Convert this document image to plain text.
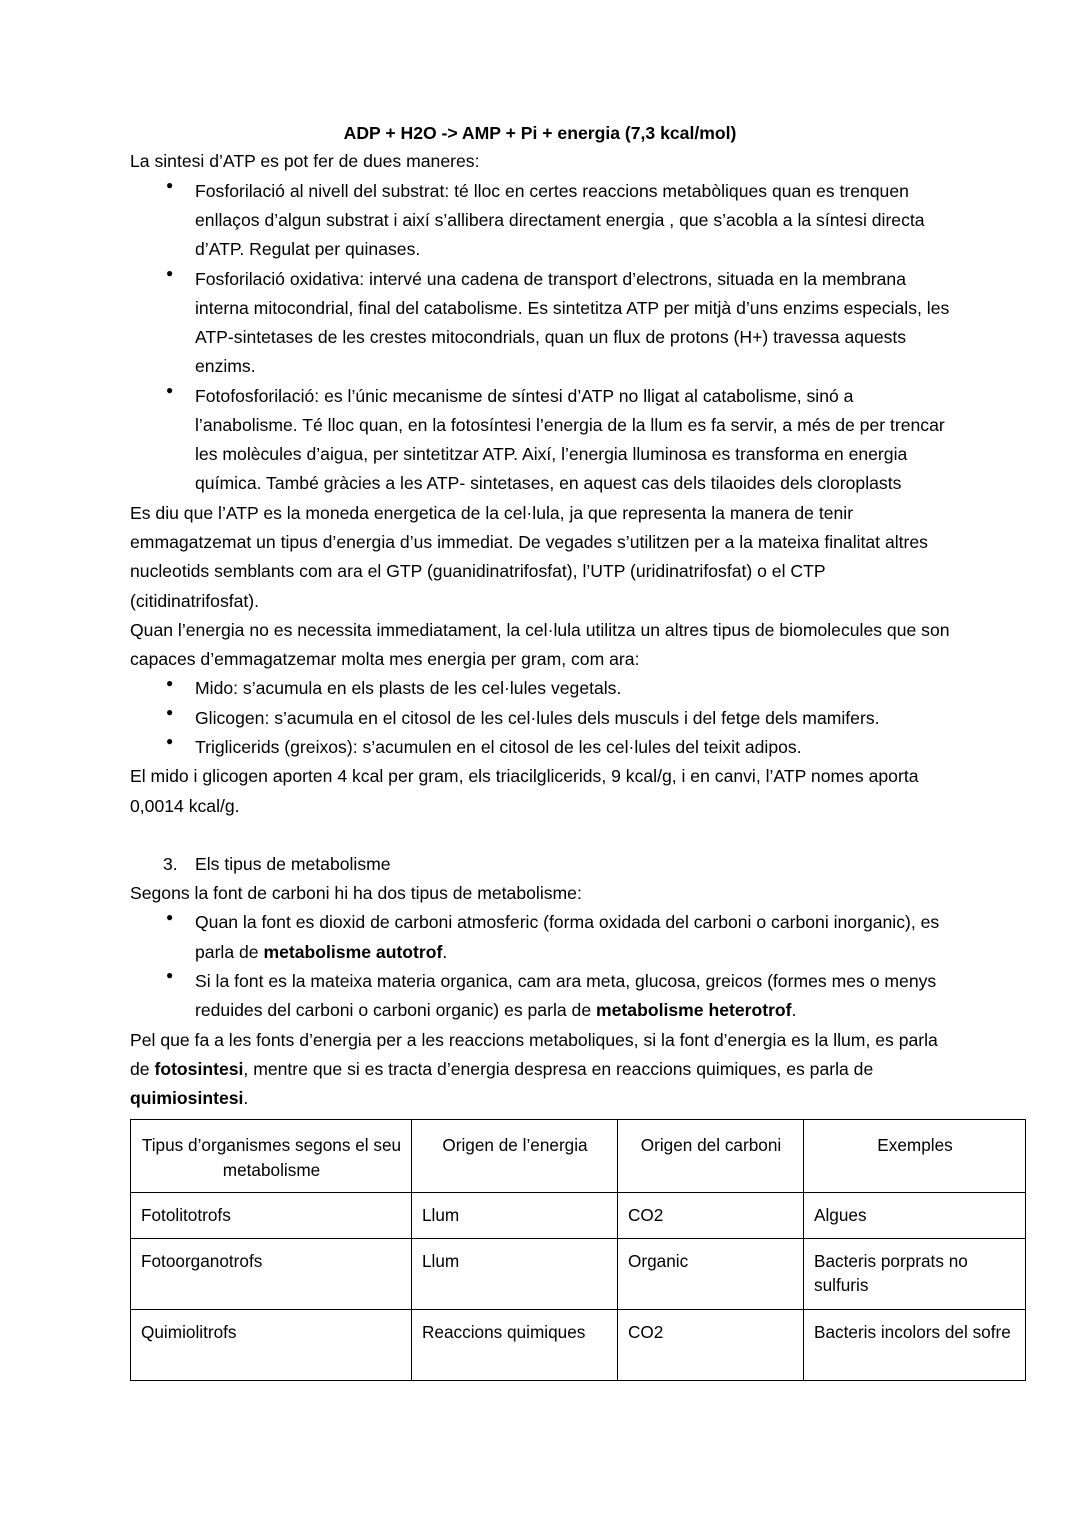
ADP + H2O -> AMP + Pi + energia (7,3 kcal/mol)

La sintesi d’ATP es pot fer de dues maneres:

● Fosforilació al nivell del substrat: té lloc en certes reaccions metabòliques quan es trenquen enllaços d’algun substrat i així s’allibera directament energia , que s’acobla a la síntesi directa d’ATP. Regulat per quinases.
● Fosforilació oxidativa: intervé una cadena de transport d’electrons, situada en la membrana interna mitocondrial, final del catabolisme. Es sintetitza ATP per mitjà d’uns enzims especials, les ATP-sintetases de les crestes mitocondrials, quan un flux de protons (H+) travessa aquests enzims.
● Fotofosforilació: es l’únic mecanisme de síntesi d’ATP no lligat al catabolisme, sinó a l’anabolisme. Té lloc quan, en la fotosíntesi l’energia de la llum es fa servir, a més de per trencar les molècules d’aigua, per sintetitzar ATP. Així, l’energia lluminosa es transforma en energia química. També gràcies a les ATP- sintetases, en aquest cas dels tilaoides dels cloroplasts

Es diu que l’ATP es la moneda energetica de la cel·lula, ja que representa la manera de tenir emmagatzemat un tipus d’energia d’us immediat. De vegades s’utilitzen per a la mateixa finalitat altres nucleotids semblants com ara el GTP (guanidinatrifosfat), l’UTP (uridinatrifosfat) o el CTP (citidinatrifosfat).

Quan l’energia no es necessita immediatament, la cel·lula utilitza un altres tipus de biomolecules que son capaces d’emmagatzemar molta mes energia per gram, com ara:

● Mido: s’acumula en els plasts de les cel·lules vegetals.
● Glicogen: s’acumula en el citosol de les cel·lules dels musculs i del fetge dels mamifers.
● Triglicerids (greixos): s’acumulen en el citosol de les cel·lules del teixit adipos.

El mido i glicogen aporten 4 kcal per gram, els triacilglicerids, 9 kcal/g, i en canvi, l’ATP nomes aporta 0,0014 kcal/g.

3. Els tipus de metabolisme

Segons la font de carboni hi ha dos tipus de metabolisme:

● Quan la font es dioxid de carboni atmosferic (forma oxidada del carboni o carboni inorganic), es parla de metabolisme autotrof.
● Si la font es la mateixa materia organica, cam ara meta, glucosa, greicos (formes mes o menys reduides del carboni o carboni organic) es parla de metabolisme heterotrof.

Pel que fa a les fonts d’energia per a les reaccions metaboliques, si la font d’energia es la llum, es parla de fotosintesi, mentre que si es tracta d’energia despresa en reaccions quimiques, es parla de quimiosintesi.

Tipus d’organismes segons el seu metabolisme	Origen de l’energia	Origen del carboni	Exemples
Fotolitotrofs	Llum	CO2	Algues
Fotoorganotrofs	Llum	Organic	Bacteris porprats no sulfuris
Quimiolitrofs	Reaccions quimiques	CO2	Bacteris incolors del sofre
